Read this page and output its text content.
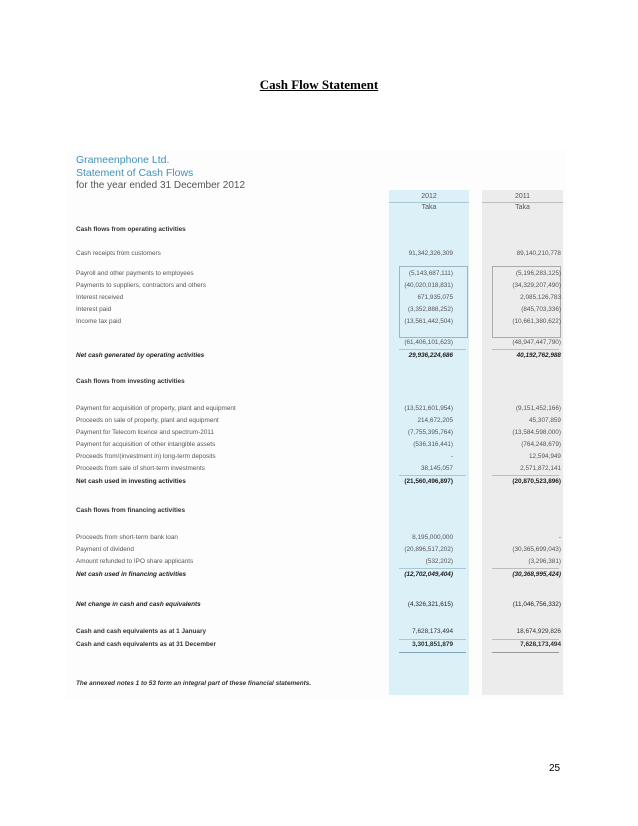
Cash Flow Statement
Grameenphone Ltd.
Statement of Cash Flows
for the year ended 31 December 2012
2012
Taka
2011
Taka
Cash flows from operating activities
Cash receipts from customers	91,342,326,309	89,140,210,778
Payroll and other payments to employees	(5,143,687,111)	(5,196,283,125)
Payments to suppliers, contractors and others	(40,020,018,831)	(34,329,207,490)
Interest received	671,935,075	2,085,126,783
Interest paid	(3,352,888,252)	(845,703,336)
Income tax paid	(13,561,442,504)	(10,661,380,622)
(61,406,101,623)	(48,947,447,790)
Net cash generated by operating activities	29,936,224,686	40,192,762,988
Cash flows from investing activities
Payment for acquisition of property, plant and equipment	(13,521,601,954)	(9,151,452,166)
Proceeds on sale of property, plant and equipment	214,672,205	45,307,859
Payment for Telecom licence and spectrum-2011	(7,755,395,764)	(13,584,598,000)
Payment for acquisition of other intangible assets	(536,316,441)	(764,248,679)
Proceeds from/(investment in) long-term deposits	-	12,594,949
Proceeds from sale of short-term investments	38,145,057	2,571,872,141
Net cash used in investing activities	(21,560,496,897)	(20,870,523,896)
Cash flows from financing activities
Proceeds from short-term bank loan	8,195,000,000	-
Payment of dividend	(20,896,517,202)	(30,365,699,043)
Amount refunded to IPO share applicants	(532,202)	(3,296,381)
Net cash used in financing activities	(12,702,049,404)	(30,368,995,424)
Net change in cash and cash equivalents	(4,326,321,615)	(11,046,756,332)
Cash and cash equivalents as at 1 January	7,628,173,494	18,674,929,826
Cash and cash equivalents as at 31 December	3,301,851,879	7,628,173,494
The annexed notes 1 to 53 form an integral part of these financial statements.
25
